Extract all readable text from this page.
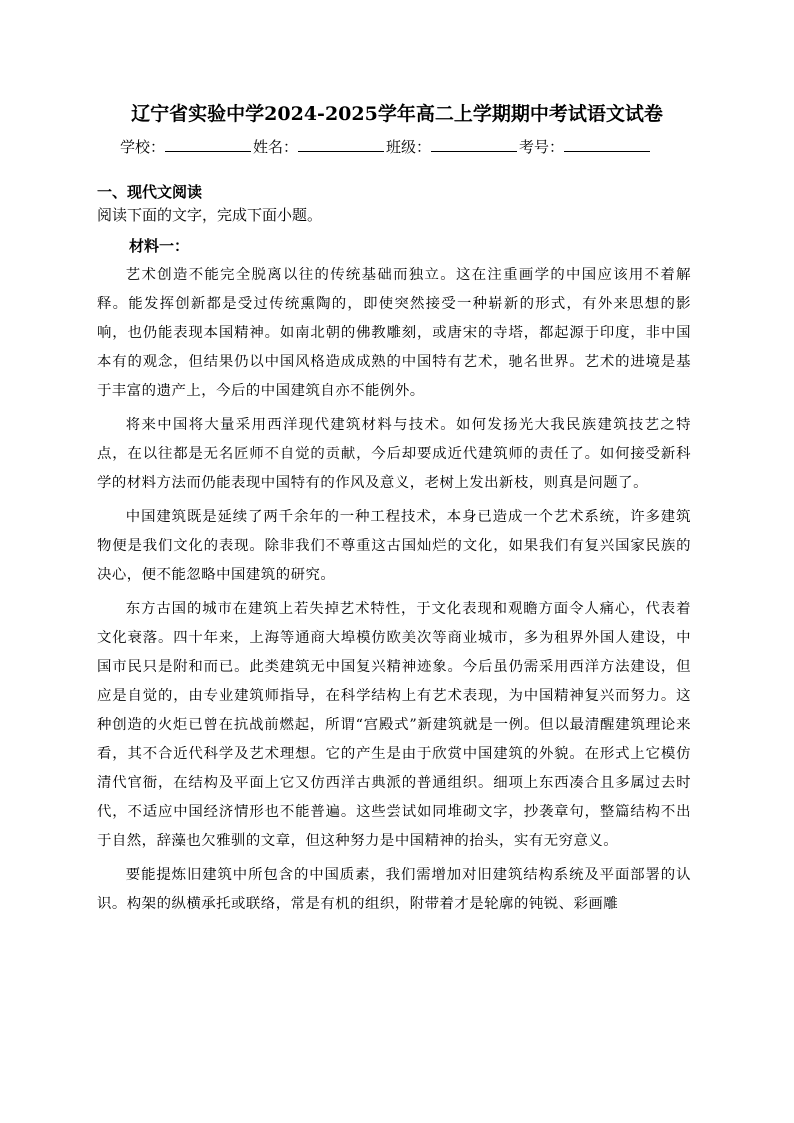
辽宁省实验中学2024-2025学年高二上学期期中考试语文试卷
学校：	姓名：	班级：	考号：
一、现代文阅读
阅读下面的文字，完成下面小题。
材料一：

艺术创造不能完全脱离以往的传统基础而独立。这在注重画学的中国应该用不着解释。能发挥创新都是受过传统熏陶的，即使突然接受一种崭新的形式，有外来思想的影响，也仍能表现本国精神。如南北朝的佛教雕刻，或唐宋的寺塔，都起源于印度，非中国本有的观念，但结果仍以中国风格造成成熟的中国特有艺术，驰名世界。艺术的进境是基于丰富的遗产上，今后的中国建筑自亦不能例外。

将来中国将大量采用西洋现代建筑材料与技术。如何发扬光大我民族建筑技艺之特点，在以往都是无名匠师不自觉的贡献，今后却要成近代建筑师的责任了。如何接受新科学的材料方法而仍能表现中国特有的作风及意义，老树上发出新枝，则真是问题了。

中国建筑既是延续了两千余年的一种工程技术，本身已造成一个艺术系统，许多建筑物便是我们文化的表现。除非我们不尊重这古国灿烂的文化，如果我们有复兴国家民族的决心，便不能忽略中国建筑的研究。

东方古国的城市在建筑上若失掉艺术特性，于文化表现和观瞻方面令人痛心，代表着文化衰落。四十年来，上海等通商大埠模仿欧美次等商业城市，多为租界外国人建设，中国市民只是附和而已。此类建筑无中国复兴精神迹象。今后虽仍需采用西洋方法建设，但应是自觉的，由专业建筑师指导，在科学结构上有艺术表现，为中国精神复兴而努力。这种创造的火炬已曾在抗战前燃起，所谓“宫殿式”新建筑就是一例。但以最清醒建筑理论来看，其不合近代科学及艺术理想。它的产生是由于欣赏中国建筑的外貌。在形式上它模仿清代官衙，在结构及平面上它又仿西洋古典派的普通组织。细项上东西凑合且多属过去时代，不适应中国经济情形也不能普遍。这些尝试如同堆砌文字，抄袭章句，整篇结构不出于自然，辞藻也欠雅驯的文章，但这种努力是中国精神的抬头，实有无穷意义。

要能提炼旧建筑中所包含的中国质素，我们需增加对旧建筑结构系统及平面部署的认识。构架的纵横承托或联络，常是有机的组织，附带着才是轮廓的钝锐、彩画雕
